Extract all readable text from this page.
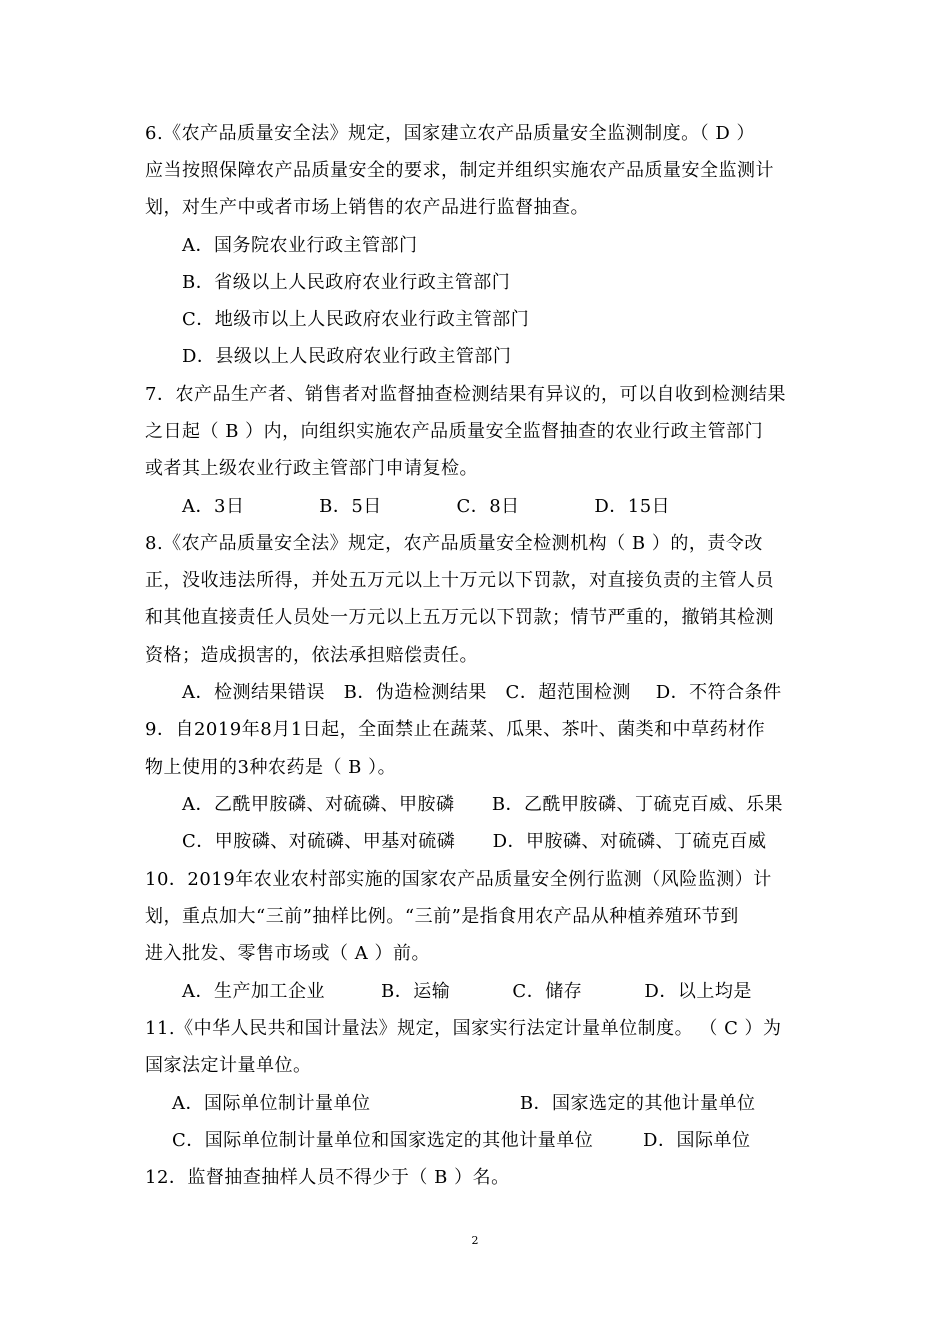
6.《农产品质量安全法》规定，国家建立农产品质量安全监测制度。（ D ）
应当按照保障农产品质量安全的要求，制定并组织实施农产品质量安全监测计
划，对生产中或者市场上销售的农产品进行监督抽查。
A．国务院农业行政主管部门
B．省级以上人民政府农业行政主管部门
C．地级市以上人民政府农业行政主管部门
D．县级以上人民政府农业行政主管部门
7．农产品生产者、销售者对监督抽查检测结果有异议的，可以自收到检测结果
之日起（ B ）内，向组织实施农产品质量安全监督抽查的农业行政主管部门
或者其上级农业行政主管部门申请复检。
A．3日            B．5日            C．8日            D．15日
8.《农产品质量安全法》规定，农产品质量安全检测机构（ B ）的，责令改
正，没收违法所得，并处五万元以上十万元以下罚款，对直接负责的主管人员
和其他直接责任人员处一万元以上五万元以下罚款；情节严重的，撤销其检测
资格；造成损害的，依法承担赔偿责任。
A．检测结果错误   B．伪造检测结果   C．超范围检测    D．不符合条件
9．自2019年8月1日起，全面禁止在蔬菜、瓜果、茶叶、菌类和中草药材作
物上使用的3种农药是（ B ）。
A．乙酰甲胺磷、对硫磷、甲胺磷      B．乙酰甲胺磷、丁硫克百威、乐果
C．甲胺磷、对硫磷、甲基对硫磷      D．甲胺磷、对硫磷、丁硫克百威
10．2019年农业农村部实施的国家农产品质量安全例行监测（风险监测）计
划，重点加大“三前”抽样比例。“三前”是指食用农产品从种植养殖环节到
进入批发、零售市场或（ A ）前。
A．生产加工企业         B．运输          C．储存          D．以上均是
11.《中华人民共和国计量法》规定，国家实行法定计量单位制度。 （ C ）为
国家法定计量单位。
A．国际单位制计量单位                        B．国家选定的其他计量单位
C．国际单位制计量单位和国家选定的其他计量单位        D．国际单位
12．监督抽查抽样人员不得少于（ B ）名。
2
